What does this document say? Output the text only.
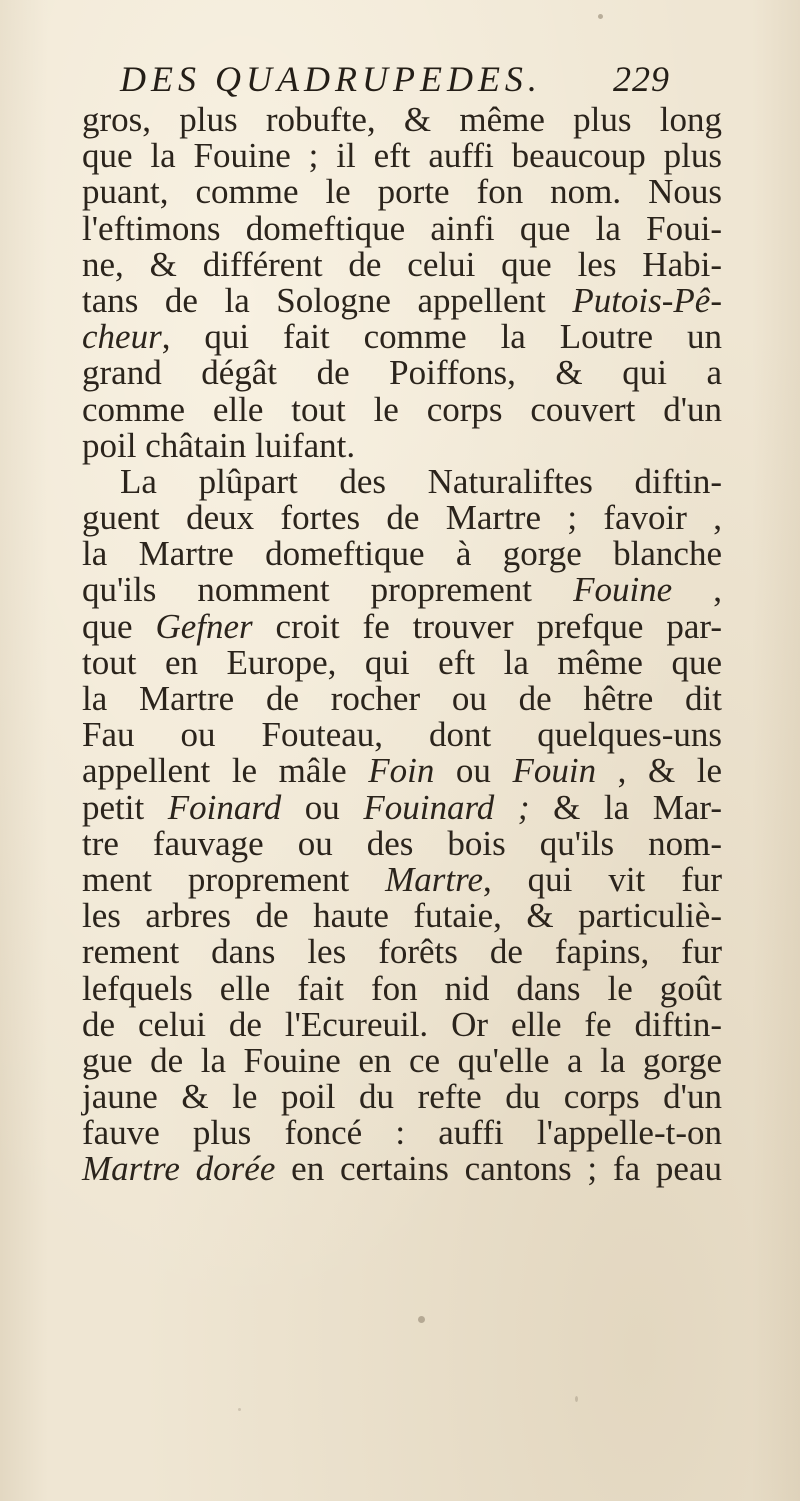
DES QUADRUPEDES. 229
gros, plus robufte, & même plus long
que la Fouine ; il eft auffi beaucoup plus
puant, comme le porte fon nom. Nous
l'eftimons domeftique ainfi que la Foui-
ne, & différent de celui que les Habi-
tans de la Sologne appellent Putois-Pê-
cheur, qui fait comme la Loutre un
grand dégât de Poiffons, & qui a
comme elle tout le corps couvert d'un
poil châtain luifant.
La plûpart des Naturaliftes diftin-
guent deux fortes de Martre ; favoir ,
la Martre domeftique à gorge blanche
qu'ils nomment proprement Fouine ,
que Gefner croit fe trouver prefque par-
tout en Europe, qui eft la même que
la Martre de rocher ou de hêtre dit
Fau ou Fouteau, dont quelques-uns
appellent le mâle Foin ou Fouin , & le
petit Foinard ou Fouinard ; & la Mar-
tre fauvage ou des bois qu'ils nom-
ment proprement Martre, qui vit fur
les arbres de haute futaie, & particuliè-
rement dans les forêts de fapins, fur
lefquels elle fait fon nid dans le goût
de celui de l'Ecureuil. Or elle fe diftin-
gue de la Fouine en ce qu'elle a la gorge
jaune & le poil du refte du corps d'un
fauve plus foncé : auffi l'appelle-t-on
Martre dorée en certains cantons ; fa peau
